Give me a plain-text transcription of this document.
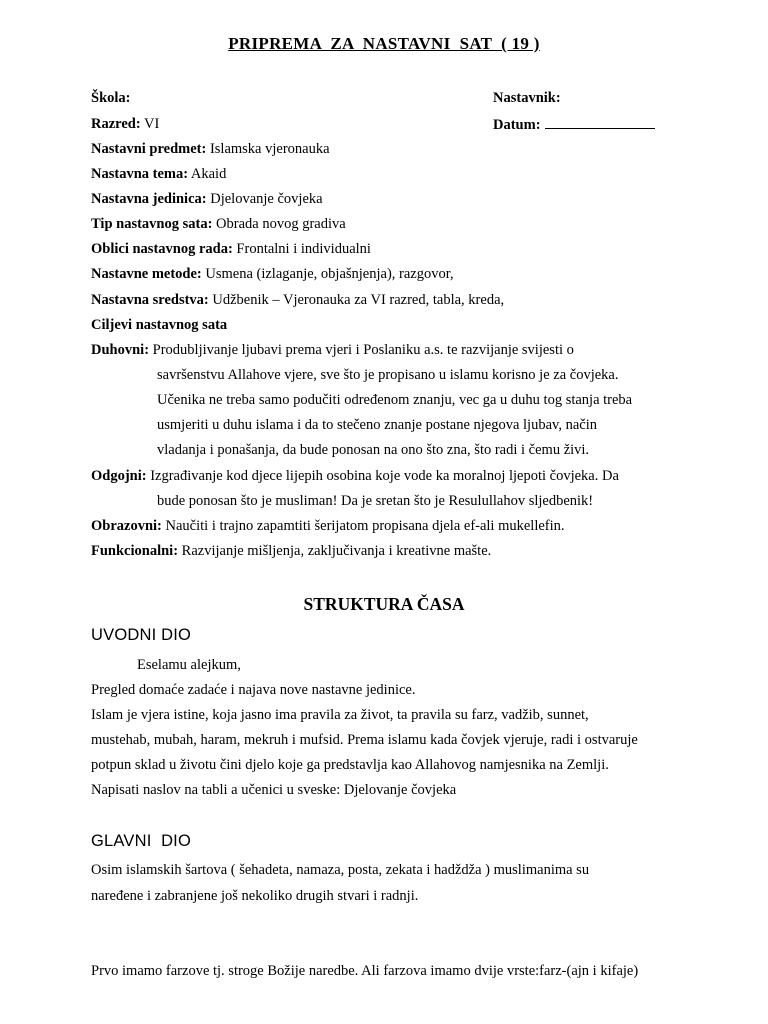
PRIPREMA  ZA  NASTAVNI  SAT  ( 19 )
Škola:	Nastavnik:
Razred: VI	Datum:
Nastavni predmet: Islamska vjeronauka
Nastavna tema: Akaid
Nastavna jedinica: Djelovanje čovjeka
Tip nastavnog sata: Obrada novog gradiva
Oblici nastavnog rada: Frontalni i individualni
Nastavne metode: Usmena (izlaganje, objašnjenja), razgovor,
Nastavna sredstva: Udžbenik – Vjeronauka za VI razred, tabla, kreda,
Ciljevi nastavnog sata
Duhovni: Produbljivanje ljubavi prema vjeri i Poslaniku a.s. te razvijanje svijesti o
savršenstvu Allahove vjere, sve što je propisano u islamu korisno je za čovjeka.
Učenika ne treba samo podučiti određenom znanju, vec ga u duhu tog stanja treba
usmjeriti u duhu islama i da to stečeno znanje postane njegova ljubav, način
vladanja i ponašanja, da bude ponosan na ono što zna, što radi i čemu živi.
Odgojni: Izgrađivanje kod djece lijepih osobina koje vode ka moralnoj ljepoti čovjeka. Da
bude ponosan što je musliman! Da je sretan što je Resulullahov sljedbenik!
Obrazovni: Naučiti i trajno zapamtiti šerijatom propisana djela ef-ali mukellefin.
Funkcionalni: Razvijanje mišljenja, zaključivanja i kreativne mašte.
STRUKTURA ČASA
UVODNI DIO
Eselamu alejkum,
Pregled domaće zadaće i najava nove nastavne jedinice.
Islam je vjera istine, koja jasno ima pravila za život, ta pravila su farz, vadžib, sunnet,
mustehab, mubah, haram, mekruh i mufsid. Prema islamu kada čovjek vjeruje, radi i ostvaruje
potpun sklad u životu čini djelo koje ga predstavlja kao Allahovog namjesnika na Zemlji.
Napisati naslov na tabli a učenici u sveske: Djelovanje čovjeka
GLAVNI  DIO
Osim islamskih šartova ( šehadeta, namaza, posta, zekata i hadždža ) muslimanima su
naređene i zabranjene još nekoliko drugih stvari i radnji.
Prvo imamo farzove tj. stroge Božije naredbe. Ali farzova imamo dvije vrste:farz-(ajn i kifaje)
